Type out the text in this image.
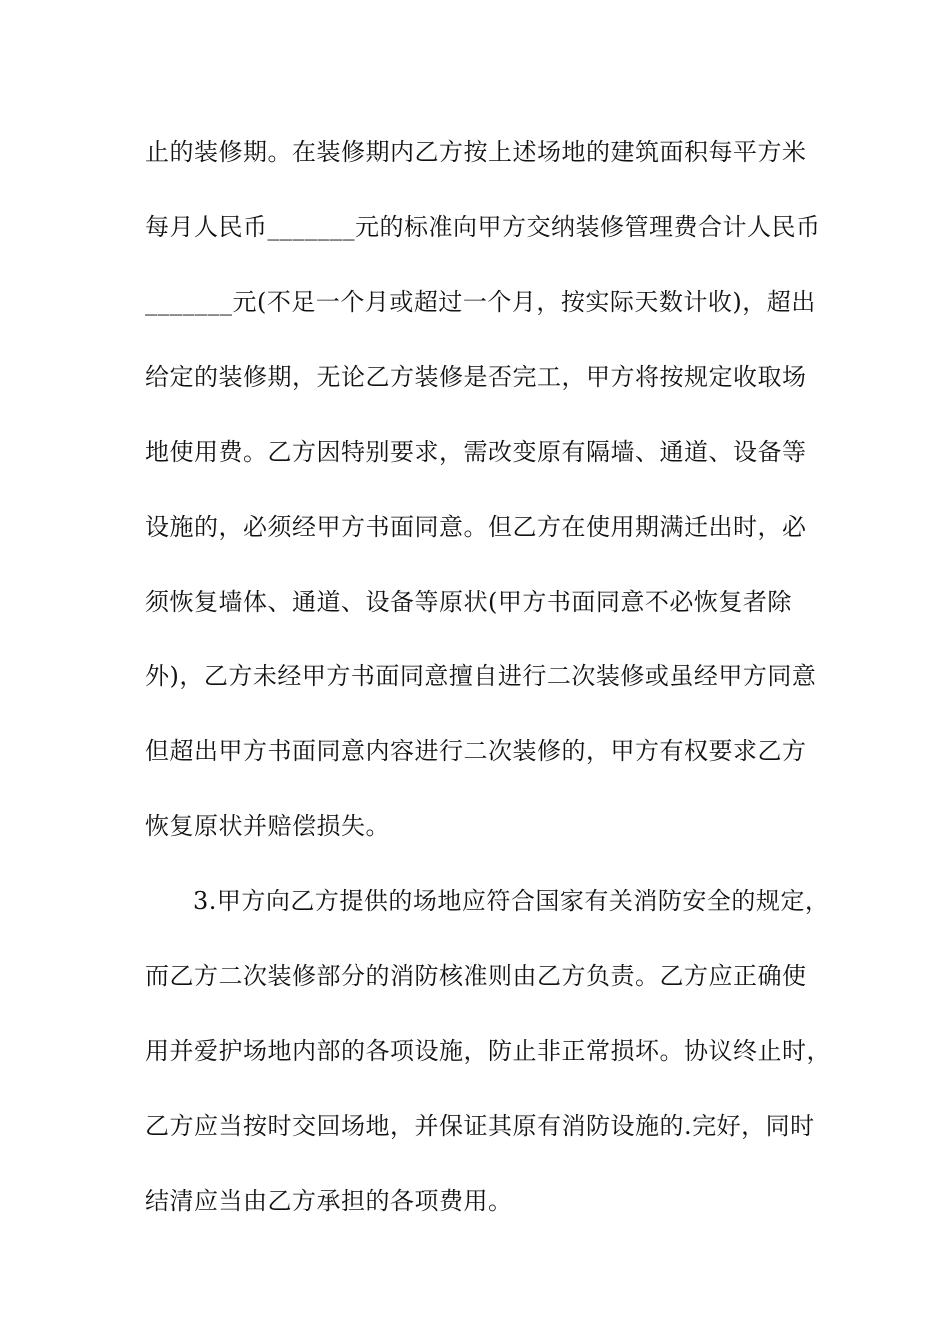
止的装修期。在装修期内乙方按上述场地的建筑面积每平方米

每月人民币_______元的标准向甲方交纳装修管理费合计人民币

_______元(不足一个月或超过一个月，按实际天数计收)，超出

给定的装修期，无论乙方装修是否完工，甲方将按规定收取场

地使用费。乙方因特别要求，需改变原有隔墙、通道、设备等

设施的，必须经甲方书面同意。但乙方在使用期满迁出时，必

须恢复墙体、通道、设备等原状(甲方书面同意不必恢复者除

外)，乙方未经甲方书面同意擅自进行二次装修或虽经甲方同意

但超出甲方书面同意内容进行二次装修的，甲方有权要求乙方

恢复原状并赔偿损失。

3.甲方向乙方提供的场地应符合国家有关消防安全的规定，

而乙方二次装修部分的消防核准则由乙方负责。乙方应正确使

用并爱护场地内部的各项设施，防止非正常损坏。协议终止时，

乙方应当按时交回场地，并保证其原有消防设施的.完好，同时

结清应当由乙方承担的各项费用。
